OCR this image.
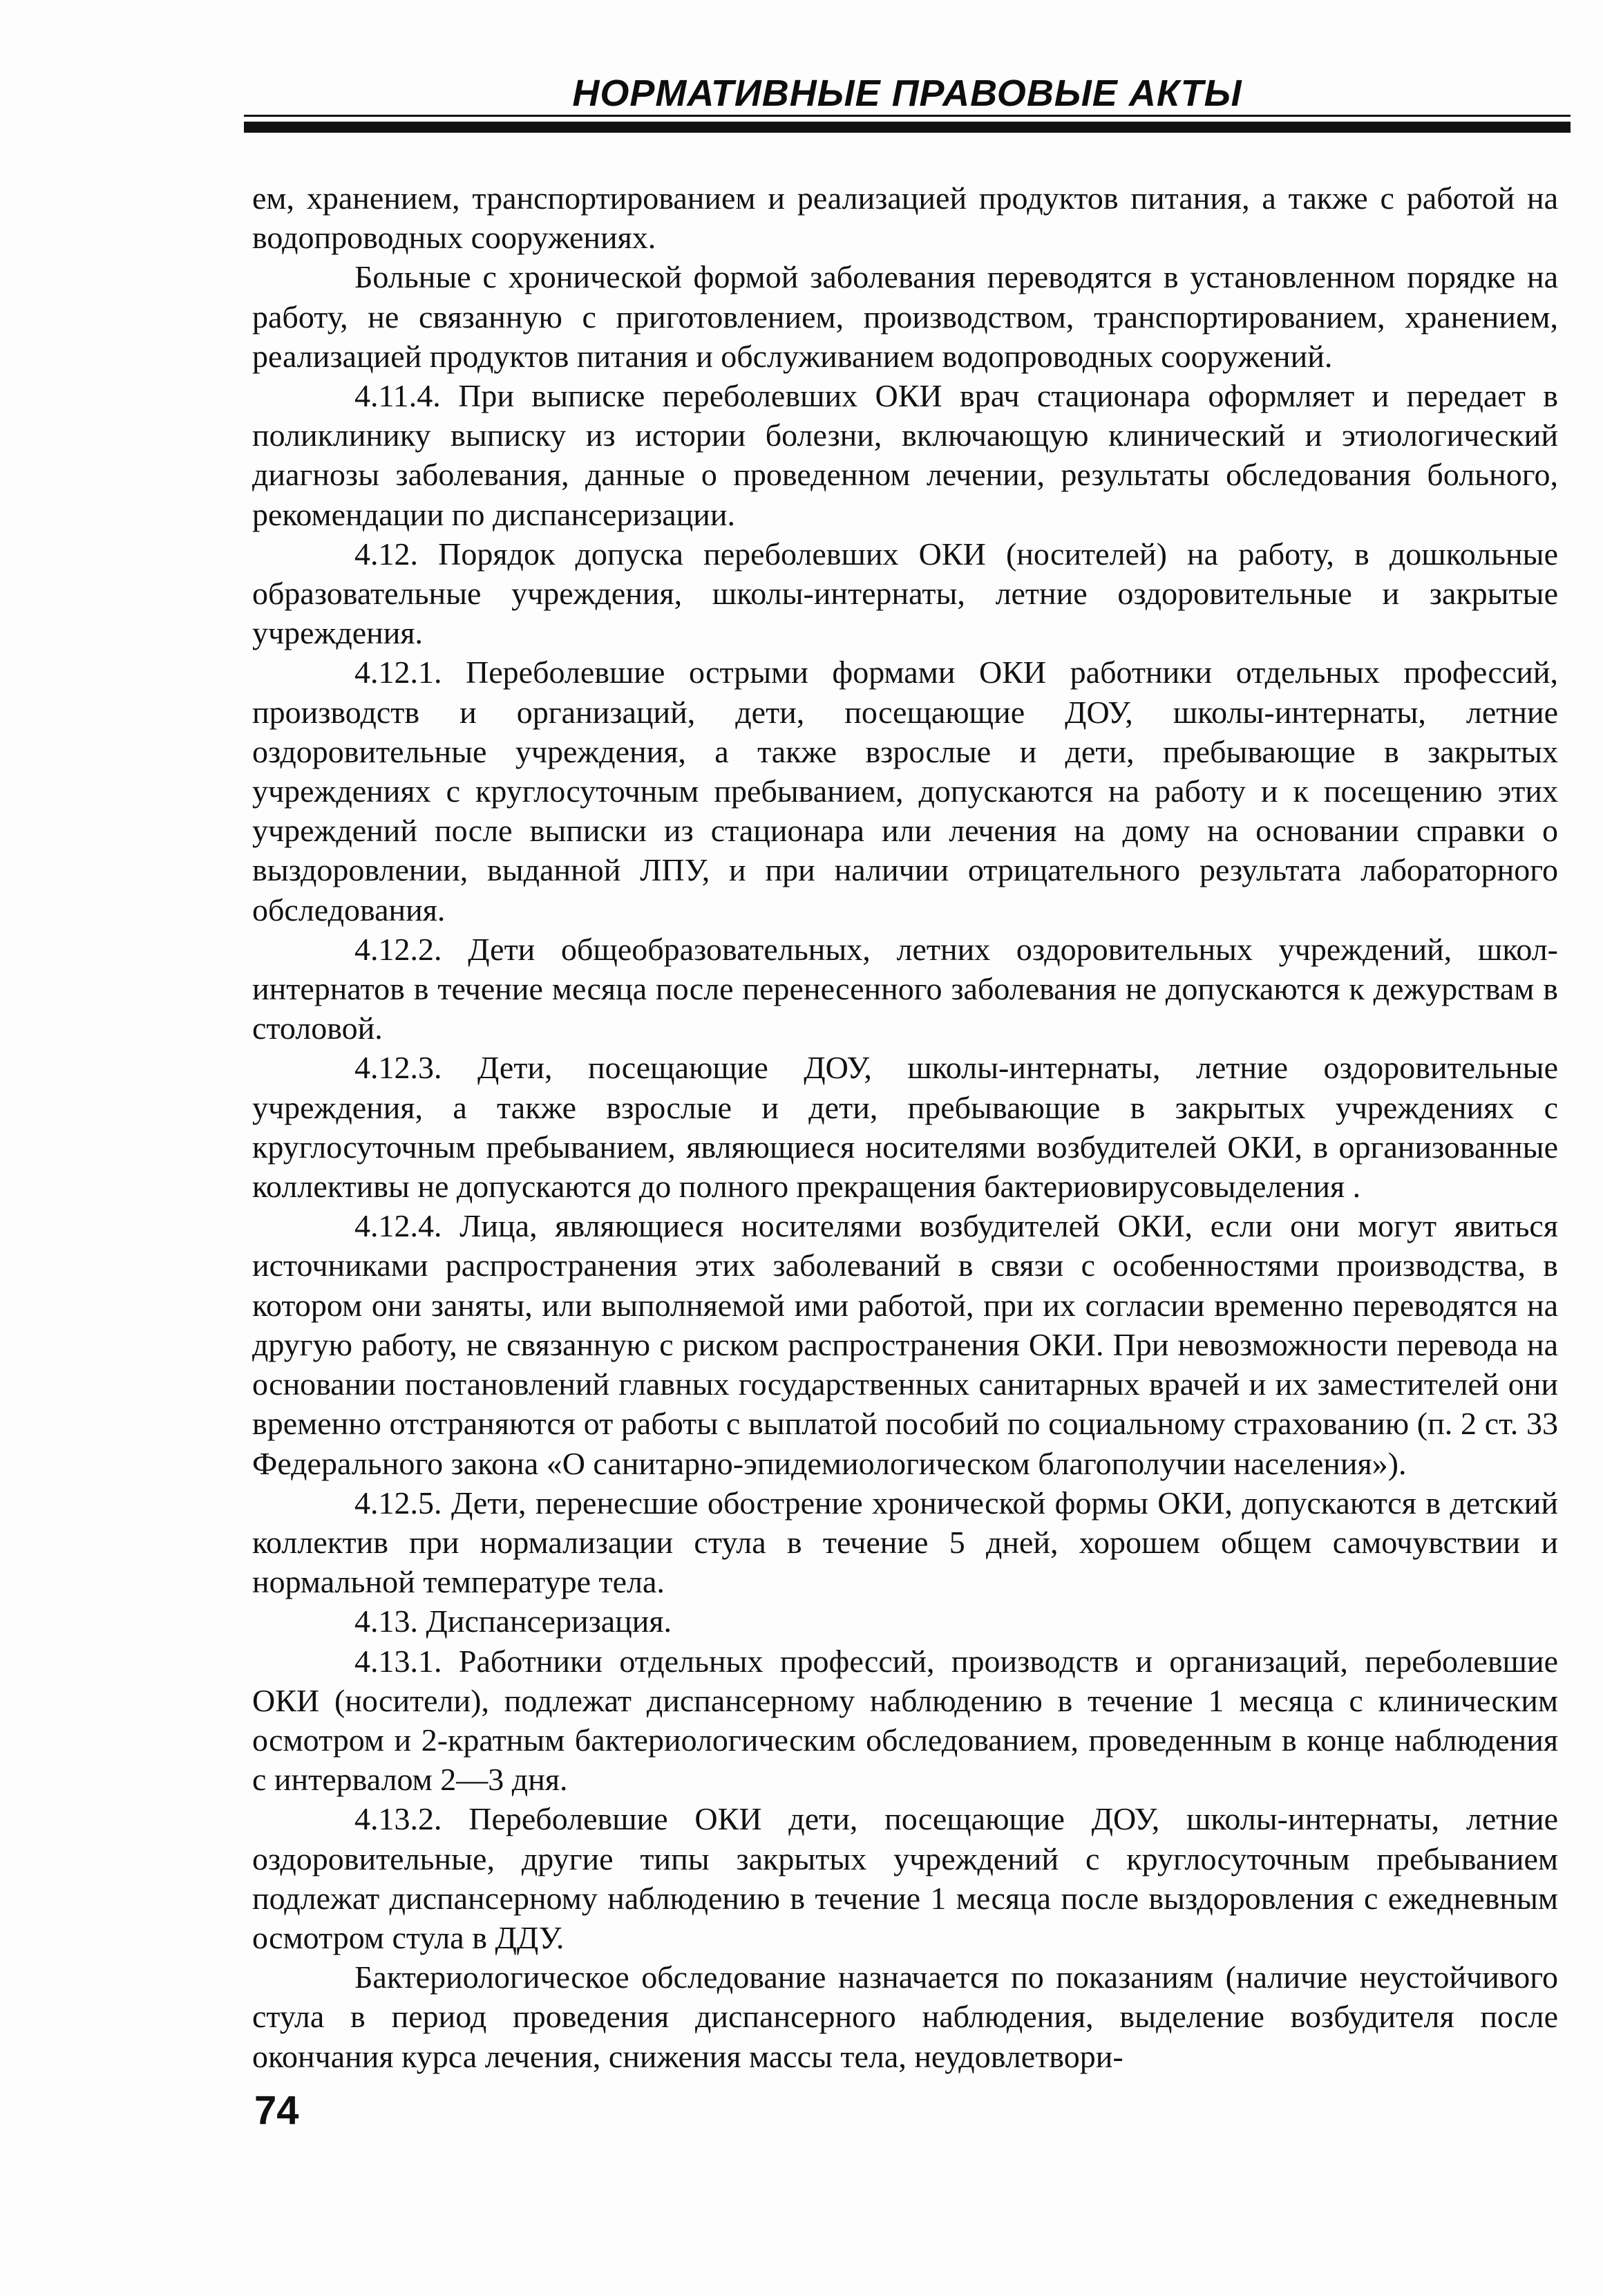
НОРМАТИВНЫЕ ПРАВОВЫЕ АКТЫ

ем, хранением, транспортированием и реализацией продуктов питания, а также с работой на водопроводных сооружениях.

Больные с хронической формой заболевания переводятся в установленном порядке на работу, не связанную с приготовлением, производством, транспортированием, хранением, реализацией продуктов питания и обслуживанием водопроводных сооружений.

4.11.4. При выписке переболевших ОКИ врач стационара оформляет и передает в поликлинику выписку из истории болезни, включающую клинический и этиологический диагнозы заболевания, данные о проведенном лечении, результаты обследования больного, рекомендации по диспансеризации.

4.12. Порядок допуска переболевших ОКИ (носителей) на работу, в дошкольные образовательные учреждения, школы-интернаты, летние оздоровительные и закрытые учреждения.

4.12.1. Переболевшие острыми формами ОКИ работники отдельных профессий, производств и организаций, дети, посещающие ДОУ, школы-интернаты, летние оздоровительные учреждения, а также взрослые и дети, пребывающие в закрытых учреждениях с круглосуточным пребыванием, допускаются на работу и к посещению этих учреждений после выписки из стационара или лечения на дому на основании справки о выздоровлении, выданной ЛПУ, и при наличии отрицательного результата лабораторного обследования.

4.12.2. Дети общеобразовательных, летних оздоровительных учреждений, школ-интернатов в течение месяца после перенесенного заболевания не допускаются к дежурствам в столовой.

4.12.3. Дети, посещающие ДОУ, школы-интернаты, летние оздоровительные учреждения, а также взрослые и дети, пребывающие в закрытых учреждениях с круглосуточным пребыванием, являющиеся носителями возбудителей ОКИ, в организованные коллективы не допускаются до полного прекращения бактериовирусовыделения .

4.12.4. Лица, являющиеся носителями возбудителей ОКИ, если они могут явиться источниками распространения этих заболеваний в связи с особенностями производства, в котором они заняты, или выполняемой ими работой, при их согласии временно переводятся на другую работу, не связанную с риском распространения ОКИ. При невозможности перевода на основании постановлений главных государственных санитарных врачей и их заместителей они временно отстраняются от работы с выплатой пособий по социальному страхованию (п. 2 ст. 33 Федерального закона «О санитарно-эпидемиологическом благополучии населения»).

4.12.5. Дети, перенесшие обострение хронической формы ОКИ, допускаются в детский коллектив при нормализации стула в течение 5 дней, хорошем общем самочувствии и нормальной температуре тела.

4.13. Диспансеризация.

4.13.1. Работники отдельных профессий, производств и организаций, переболевшие ОКИ (носители), подлежат диспансерному наблюдению в течение 1 месяца с клиническим осмотром и 2-кратным бактериологическим обследованием, проведенным в конце наблюдения с интервалом 2—3 дня.

4.13.2. Переболевшие ОКИ дети, посещающие ДОУ, школы-интернаты, летние оздоровительные, другие типы закрытых учреждений с круглосуточным пребыванием подлежат диспансерному наблюдению в течение 1 месяца после выздоровления с ежедневным осмотром стула в ДДУ.

Бактериологическое обследование назначается по показаниям (наличие неустойчивого стула в период проведения диспансерного наблюдения, выделение возбудителя после окончания курса лечения, снижения массы тела, неудовлетвори-

74
